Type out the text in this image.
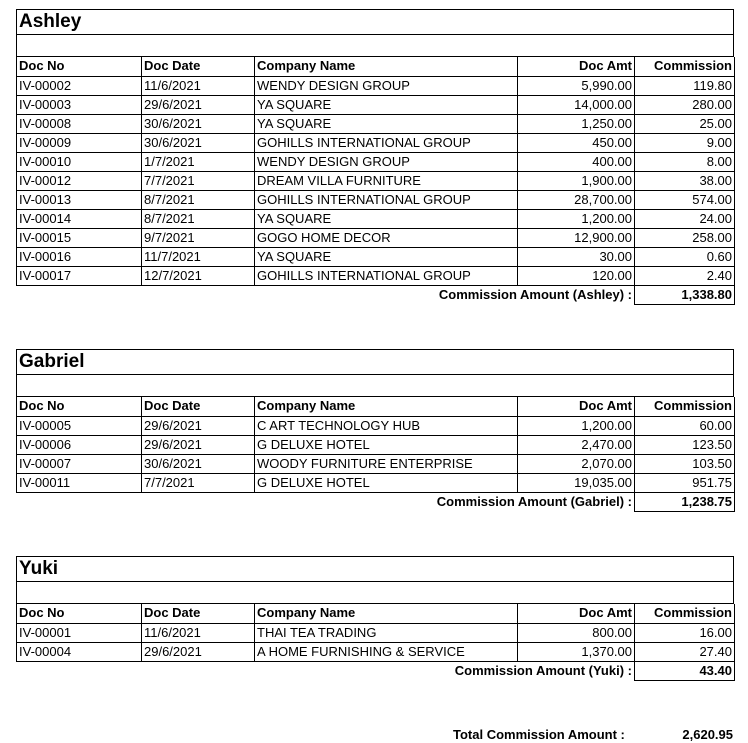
Ashley
Doc No	Doc Date	Company Name	Doc Amt	Commission
IV-00002	11/6/2021	WENDY DESIGN GROUP	5,990.00	119.80
IV-00003	29/6/2021	YA SQUARE	14,000.00	280.00
IV-00008	30/6/2021	YA SQUARE	1,250.00	25.00
IV-00009	30/6/2021	GOHILLS INTERNATIONAL GROUP	450.00	9.00
IV-00010	1/7/2021	WENDY DESIGN GROUP	400.00	8.00
IV-00012	7/7/2021	DREAM VILLA FURNITURE	1,900.00	38.00
IV-00013	8/7/2021	GOHILLS INTERNATIONAL GROUP	28,700.00	574.00
IV-00014	8/7/2021	YA SQUARE	1,200.00	24.00
IV-00015	9/7/2021	GOGO HOME DECOR	12,900.00	258.00
IV-00016	11/7/2021	YA SQUARE	30.00	0.60
IV-00017	12/7/2021	GOHILLS INTERNATIONAL GROUP	120.00	2.40
Commission Amount (Ashley) :				1,338.80
Gabriel
Doc No	Doc Date	Company Name	Doc Amt	Commission
IV-00005	29/6/2021	C ART TECHNOLOGY HUB	1,200.00	60.00
IV-00006	29/6/2021	G DELUXE HOTEL	2,470.00	123.50
IV-00007	30/6/2021	WOODY FURNITURE ENTERPRISE	2,070.00	103.50
IV-00011	7/7/2021	G DELUXE HOTEL	19,035.00	951.75
Commission Amount (Gabriel) :				1,238.75
Yuki
Doc No	Doc Date	Company Name	Doc Amt	Commission
IV-00001	11/6/2021	THAI TEA TRADING	800.00	16.00
IV-00004	29/6/2021	A HOME FURNISHING & SERVICE	1,370.00	27.40
Commission Amount (Yuki) :				43.40
Total Commission Amount :	2,620.95
